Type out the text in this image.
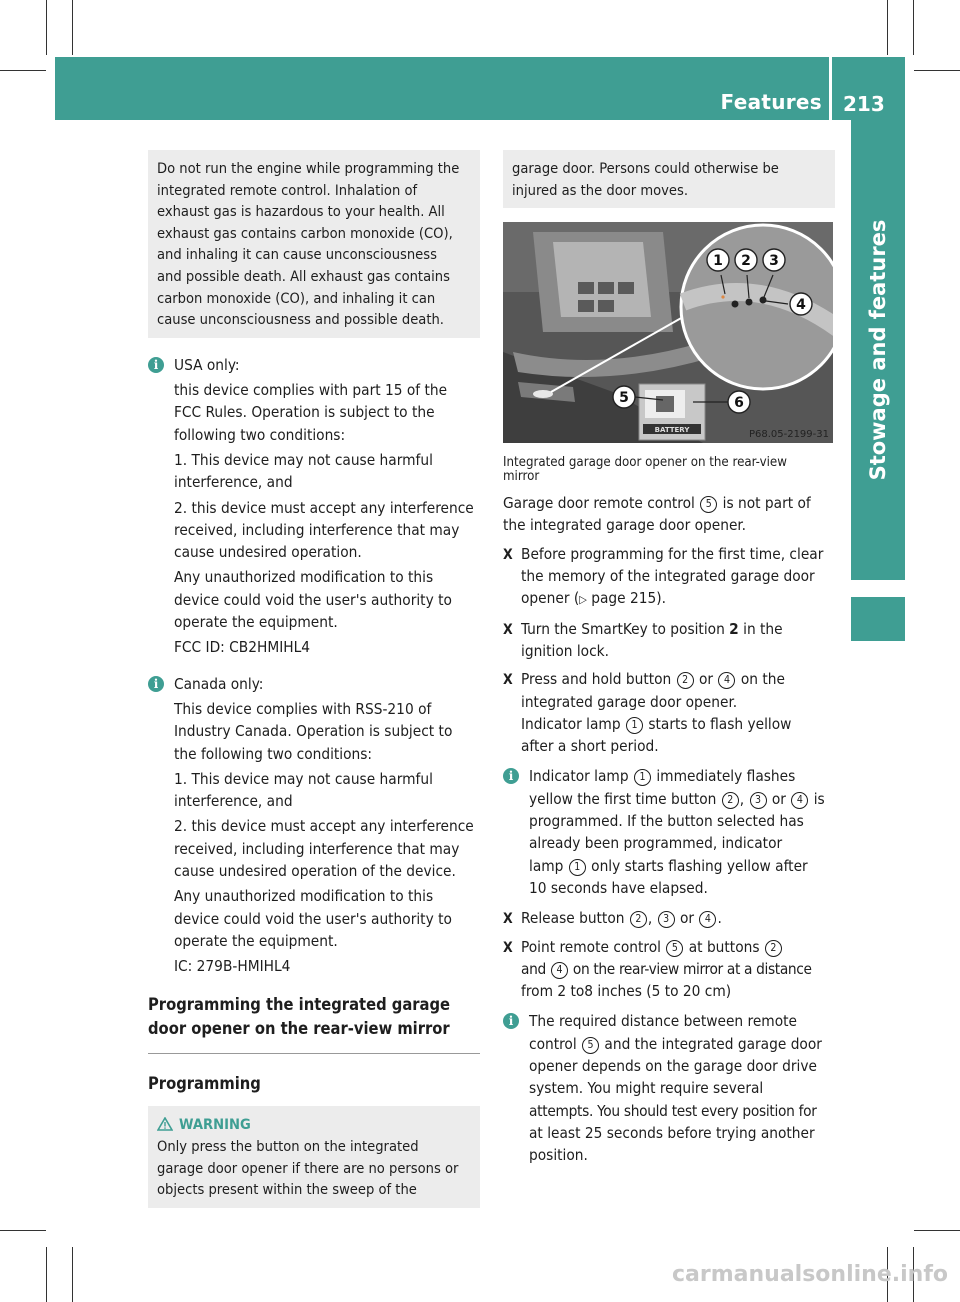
Features 213
Stowage and features
Do not run the engine while programming the
integrated remote control. Inhalation of
exhaust gas is hazardous to your health. All
exhaust gas contains carbon monoxide (CO),
and inhaling it can cause unconsciousness
and possible death. All exhaust gas contains
carbon monoxide (CO), and inhaling it can
cause unconsciousness and possible death.
i	USA only:
this device complies with part 15 of the
FCC Rules. Operation is subject to the
following two conditions:
1. This device may not cause harmful
interference, and
2. this device must accept any interference
received, including interference that may
cause undesired operation.
Any unauthorized modification to this
device could void the user's authority to
operate the equipment.
FCC ID: CB2HMIHL4
i	Canada only:
This device complies with RSS-210 of
Industry Canada. Operation is subject to
the following two conditions:
1. This device may not cause harmful
interference, and
2. this device must accept any interference
received, including interference that may
cause undesired operation of the device.
Any unauthorized modification to this
device could void the user's authority to
operate the equipment.
IC: 279B-HMIHL4
Programming the integrated garage
door opener on the rear-view mirror
Programming
WARNING
Only press the button on the integrated
garage door opener if there are no persons or
objects present within the sweep of the
garage door. Persons could otherwise be
injured as the door moves.
1 2 3
4
BATTERY
5	6
P68.05-2199-31
Integrated garage door opener on the rear-view
mirror
Garage door remote control 5 is not part of
the integrated garage door opener.
X Before programming for the first time, clear
the memory of the integrated garage door
opener (▷ page 215).
X Turn the SmartKey to position 2 in the
ignition lock.
X Press and hold button 2 or 4 on the
integrated garage door opener.
Indicator lamp 1 starts to flash yellow
after a short period.
i	Indicator lamp 1 immediately flashes
yellow the first time button 2 , 3 or 4 is
programmed. If the button selected has
already been programmed, indicator
lamp 1 only starts flashing yellow after
10 seconds have elapsed.
X Release button 2 , 3 or 4 .
X Point remote control 5 at buttons 2
and 4 on the rear-view mirror at a distance
from 2 to8 inches (5 to 20 cm)
i	The required distance between remote
control 5 and the integrated garage door
opener depends on the garage door drive
system. You might require several
attempts. You should test every position for
at least 25 seconds before trying another
position.
carmanualsonline.info
